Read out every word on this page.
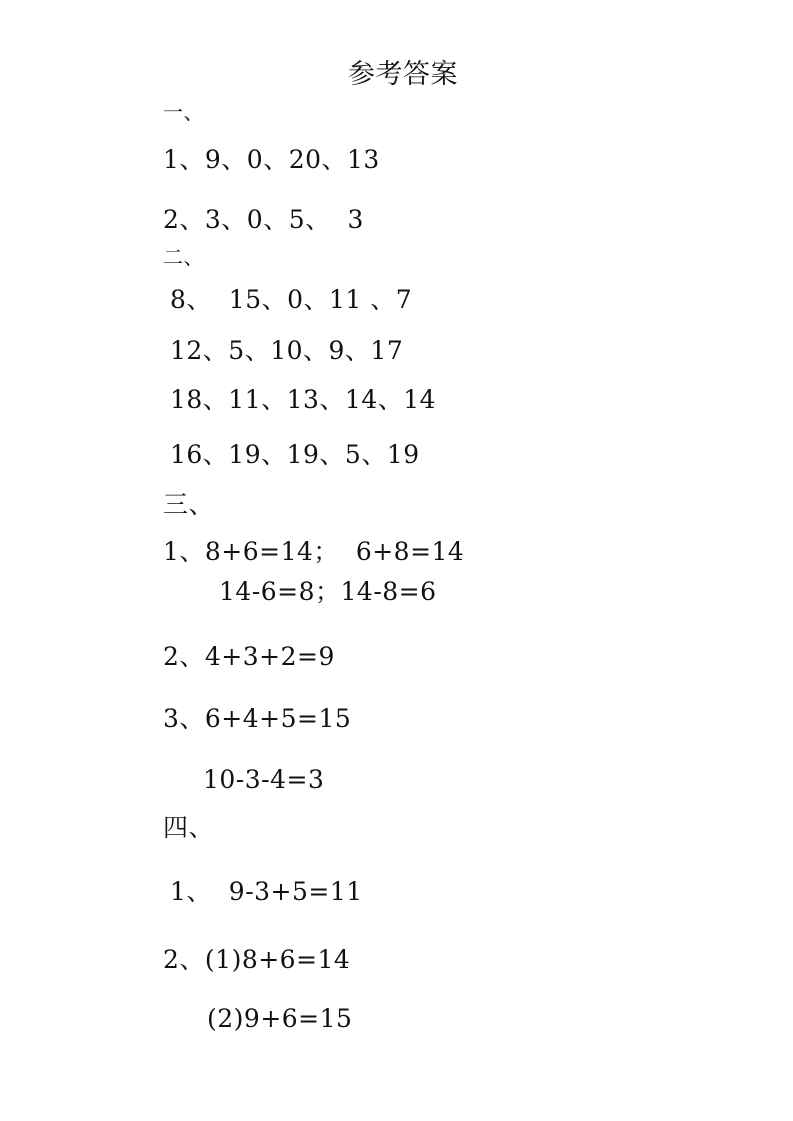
参考答案
一、
1、9、0、20、13
2、3、0、5、  3
二、
8、  15、0、11 、7
12、5、10、9、17
18、11、13、14、14
16、19、19、5、19
三、
1、8+6=14；  6+8=14
14-6=8；14-8=6
2、4+3+2=9
3、6+4+5=15
10-3-4=3
四、
1、  9-3+5=11
2、(1)8+6=14
(2)9+6=15
